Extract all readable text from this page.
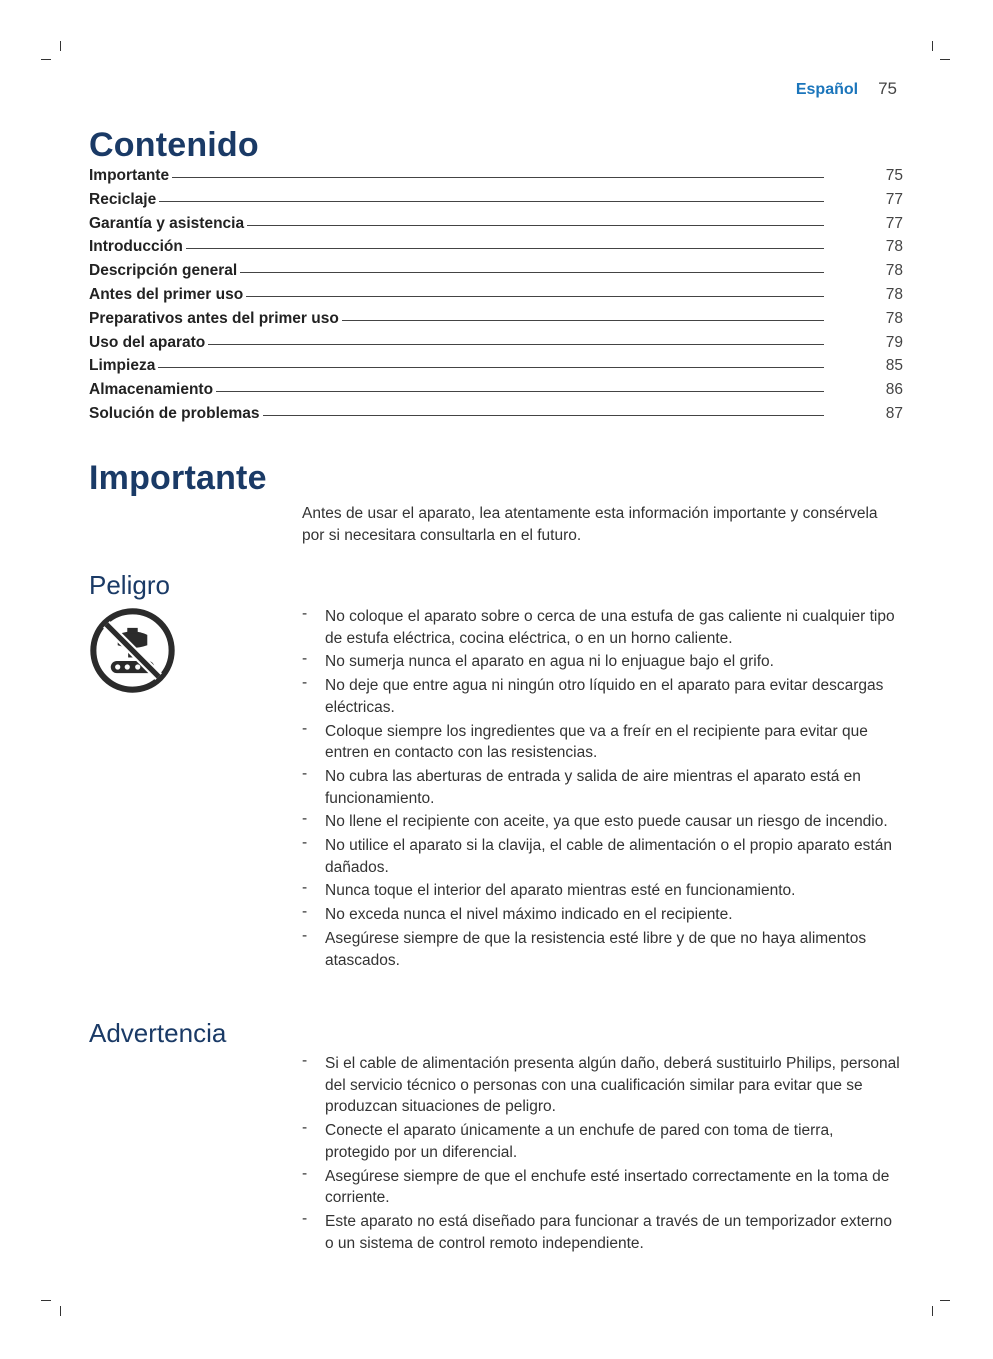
Español 75
Contenido
Importante	75
Reciclaje	77
Garantía y asistencia	77
Introducción	78
Descripción general	78
Antes del primer uso	78
Preparativos antes del primer uso	78
Uso del aparato	79
Limpieza	85
Almacenamiento	86
Solución de problemas	87
Importante
Antes de usar el aparato, lea atentamente esta información importante y consérvela por si necesitara consultarla en el futuro.
Peligro
- No coloque el aparato sobre o cerca de una estufa de gas caliente ni cualquier tipo de estufa eléctrica, cocina eléctrica, o en un horno caliente.
- No sumerja nunca el aparato en agua ni lo enjuague bajo el grifo.
- No deje que entre agua ni ningún otro líquido en el aparato para evitar descargas eléctricas.
- Coloque siempre los ingredientes que va a freír en el recipiente para evitar que entren en contacto con las resistencias.
- No cubra las aberturas de entrada y salida de aire mientras el aparato está en funcionamiento.
- No llene el recipiente con aceite, ya que esto puede causar un riesgo de incendio.
- No utilice el aparato si la clavija, el cable de alimentación o el propio aparato están dañados.
- Nunca toque el interior del aparato mientras esté en funcionamiento.
- No exceda nunca el nivel máximo indicado en el recipiente.
- Asegúrese siempre de que la resistencia esté libre y de que no haya alimentos atascados.
Advertencia
- Si el cable de alimentación presenta algún daño, deberá sustituirlo Philips, personal del servicio técnico o personas con una cualificación similar para evitar que se produzcan situaciones de peligro.
- Conecte el aparato únicamente a un enchufe de pared con toma de tierra, protegido por un diferencial.
- Asegúrese siempre de que el enchufe esté insertado correctamente en la toma de corriente.
- Este aparato no está diseñado para funcionar a través de un temporizador externo o un sistema de control remoto independiente.
